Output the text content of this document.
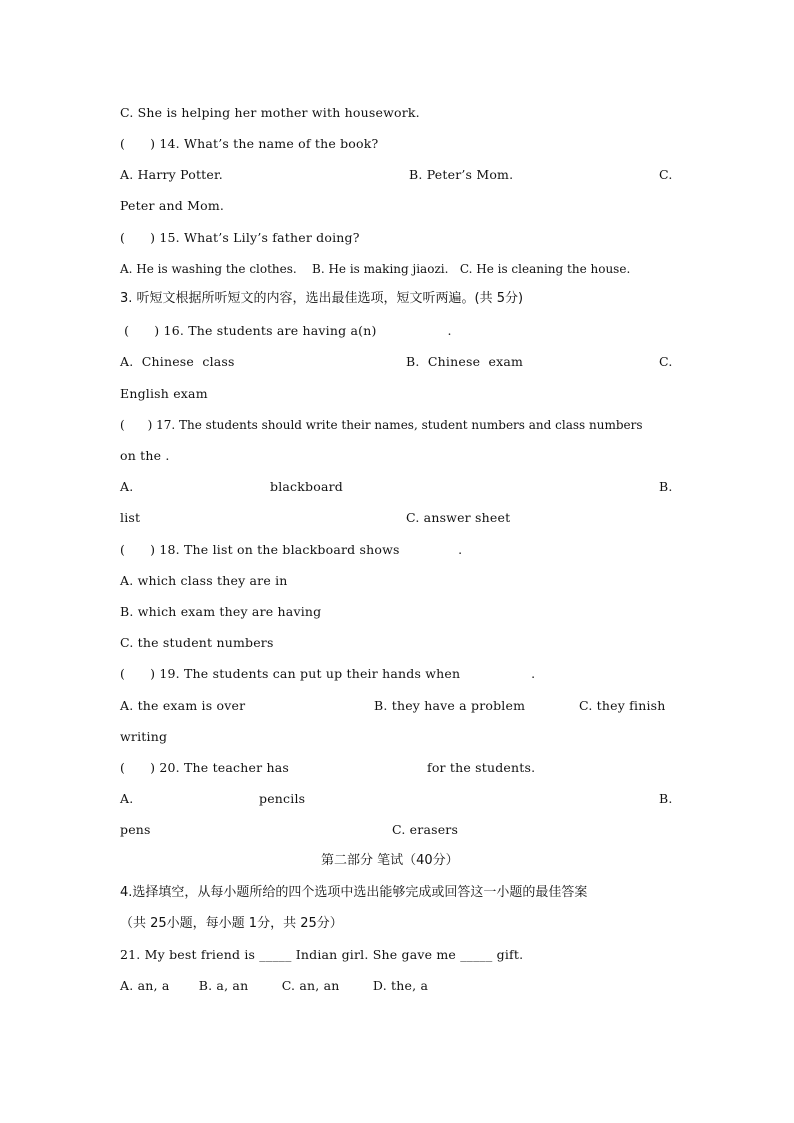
C. She is helping her mother with housework.
(      ) 14. What’s the name of the book?
A. Harry Potter.	B. Peter’s Mom.	C.
Peter and Mom.
(      ) 15. What’s Lily’s father doing?
A. He is washing the clothes.    B. He is making jiaozi.   C. He is cleaning the house.
3. 听短文根据所听短文的内容，选出最佳选项，短文听两遍。(共 5分)
(      ) 16. The students are having a(n)                 .
A.  Chinese  class	B.  Chinese  exam	C.
English exam
(      ) 17. The students should write their names, student numbers and class numbers
on the .
A.	blackboard	B.
list	C. answer sheet
(      ) 18. The list on the blackboard shows              .
A. which class they are in
B. which exam they are having
C. the student numbers
(      ) 19. The students can put up their hands when                 .
A. the exam is over	B. they have a problem	C. they finish
writing
(      ) 20. The teacher has	for the students.
A.	pencils	B.
pens	C. erasers
第二部分 笔试（40分）
4.选择填空，从每小题所给的四个选项中选出能够完成或回答这一小题的最佳答案
（共 25小题，每小题 1分，共 25分）
21. My best friend is _____ Indian girl. She gave me _____ gift.
A. an, a       B. a, an        C. an, an        D. the, a
